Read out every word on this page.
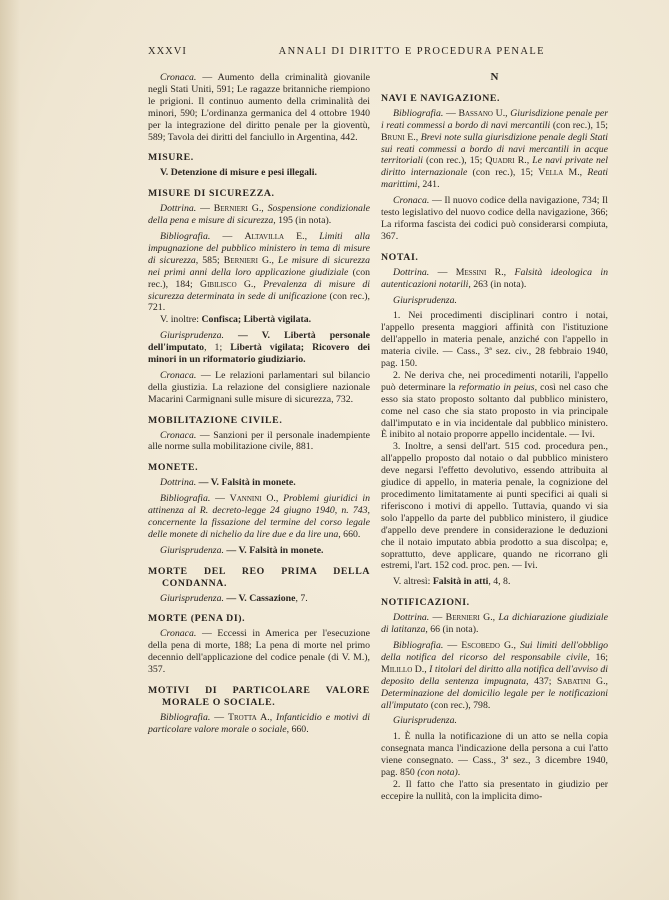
XXXVI	ANNALI DI DIRITTO E PROCEDURA PENALE

Cronaca. — Aumento della criminalità giovanile negli Stati Uniti, 591; Le ragazze britanniche riempiono le prigioni. Il continuo aumento della criminalità dei minori, 590; L'ordinanza germanica del 4 ottobre 1940 per la integrazione del diritto penale per la gioventù, 589; Tavola dei diritti del fanciullo in Argentina, 442.

MISURE.

V. Detenzione di misure e pesi illegali.

MISURE DI SICUREZZA.

Dottrina. — Bernieri G., Sospensione condizionale della pena e misure di sicurezza, 195 (in nota).

Bibliografia. — Altavilla E., Limiti alla impugnazione del pubblico ministero in tema di misure di sicurezza, 585; Bernieri G., Le misure di sicurezza nei primi anni della loro applicazione giudiziale (con rec.), 184; Gibilisco G., Prevalenza di misure di sicurezza determinata in sede di unificazione (con rec.), 721.

V. inoltre: Confisca; Libertà vigilata.

Giurisprudenza. — V. Libertà personale dell'imputato, 1; Libertà vigilata; Ricovero dei minori in un riformatorio giudiziario.

Cronaca. — Le relazioni parlamentari sul bilancio della giustizia. La relazione del consigliere nazionale Macarini Carmignani sulle misure di sicurezza, 732.

MOBILITAZIONE CIVILE.

Cronaca. — Sanzioni per il personale inadempiente alle norme sulla mobilitazione civile, 881.

MONETE.

Dottrina. — V. Falsità in monete.

Bibliografia. — Vannini O., Problemi giuridici in attinenza al R. decreto-legge 24 giugno 1940, n. 743, concernente la fissazione del termine del corso legale delle monete di nichelio da lire due e da lire una, 660.

Giurisprudenza. — V. Falsità in monete.

MORTE DEL REO PRIMA DELLA CONDANNA.

Giurisprudenza. — V. Cassazione, 7.

MORTE (PENA DI).

Cronaca. — Eccessi in America per l'esecuzione della pena di morte, 188; La pena di morte nel primo decennio dell'applicazione del codice penale (di V. M.), 357.

MOTIVI DI PARTICOLARE VALORE MORALE O SOCIALE.

Bibliografia. — Trotta A., Infanticidio e motivi di particolare valore morale o sociale, 660.

N
NAVI E NAVIGAZIONE.

Bibliografia. — Bassano U., Giurisdizione penale per i reati commessi a bordo di navi mercantili (con rec.), 15; Bruni E., Brevi note sulla giurisdizione penale degli Stati sui reati commessi a bordo di navi mercantili in acque territoriali (con rec.), 15; Quadri R., Le navi private nel diritto internazionale (con rec.), 15; Vella M., Reati marittimi, 241.

Cronaca. — Il nuovo codice della navigazione, 734; Il testo legislativo del nuovo codice della navigazione, 366; La riforma fascista dei codici può considerarsi compiuta, 367.

NOTAI.

Dottrina. — Messini R., Falsità ideologica in autenticazioni notarili, 263 (in nota).

Giurisprudenza.

1. Nei procedimenti disciplinari contro i notai, l'appello presenta maggiori affinità con l'istituzione dell'appello in materia penale, anziché con l'appello in materia civile. — Cass., 3ª sez. civ., 28 febbraio 1940, pag. 150.

2. Ne deriva che, nei procedimenti notarili, l'appello può determinare la reformatio in peius, così nel caso che esso sia stato proposto soltanto dal pubblico ministero, come nel caso che sia stato proposto in via principale dall'imputato e in via incidentale dal pubblico ministero. È inibito al notaio proporre appello incidentale. — Ivi.

3. Inoltre, a sensi dell'art. 515 cod. procedura pen., all'appello proposto dal notaio o dal pubblico ministero deve negarsi l'effetto devolutivo, essendo attribuita al giudice di appello, in materia penale, la cognizione del procedimento limitatamente ai punti specifici ai quali si riferiscono i motivi di appello. Tuttavia, quando vi sia solo l'appello da parte del pubblico ministero, il giudice d'appello deve prendere in considerazione le deduzioni che il notaio imputato abbia prodotto a sua discolpa; e, soprattutto, deve applicare, quando ne ricorrano gli estremi, l'art. 152 cod. proc. pen. — Ivi.

V. altresì: Falsità in atti, 4, 8.

NOTIFICAZIONI.

Dottrina. — Bernieri G., La dichiarazione giudiziale di latitanza, 66 (in nota).

Bibliografia. — Escobedo G., Sui limiti dell'obbligo della notifica del ricorso del responsabile civile, 16; Milillo D., I titolari del diritto alla notifica dell'avviso di deposito della sentenza impugnata, 437; Sabatini G., Determinazione del domicilio legale per le notificazioni all'imputato (con rec.), 798.

Giurisprudenza.

1. È nulla la notificazione di un atto se nella copia consegnata manca l'indicazione della persona a cui l'atto viene consegnato. — Cass., 3ª sez., 3 dicembre 1940, pag. 850 (con nota).

2. Il fatto che l'atto sia presentato in giudizio per eccepire la nullità, con la implicita dimo-
